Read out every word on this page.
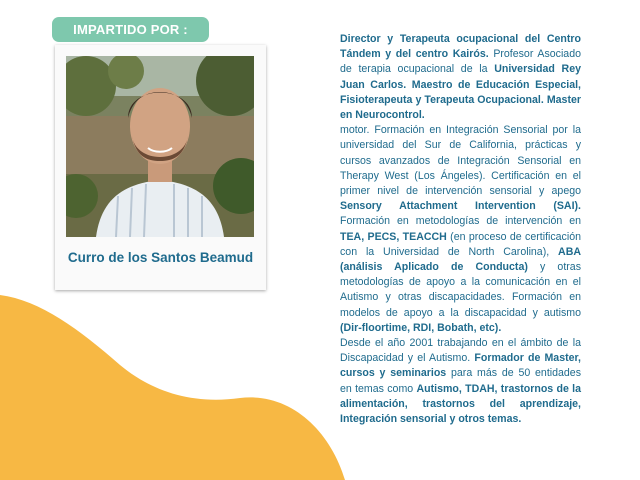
IMPARTIDO POR :
Curro de los Santos Beamud

Director y Terapeuta ocupacional del Centro Tándem y del centro Kairós. Profesor Asociado de terapia ocupacional de la Universidad Rey Juan Carlos. Maestro de Educación Especial, Fisioterapeuta y Terapeuta Ocupacional. Master en Neurocontrol.

motor. Formación en Integración Sensorial por la universidad del Sur de California, prácticas y cursos avanzados de Integración Sensorial en Therapy West (Los Ángeles). Certificación en el primer nivel de intervención sensorial y apego Sensory Attachment Intervention (SAI). Formación en metodologías de intervención en TEA, PECS, TEACCH (en proceso de certificación con la Universidad de North Carolina), ABA (análisis Aplicado de Conducta) y otras metodologías de apoyo a la comunicación en el Autismo y otras discapacidades. Formación en modelos de apoyo a la discapacidad y autismo (Dir-floortime, RDI, Bobath, etc).

Desde el año 2001 trabajando en el ámbito de la Discapacidad y el Autismo. Formador de Master, cursos y seminarios para más de 50 entidades en temas como Autismo, TDAH, trastornos de la alimentación, trastornos del aprendizaje, Integración sensorial y otros temas.
